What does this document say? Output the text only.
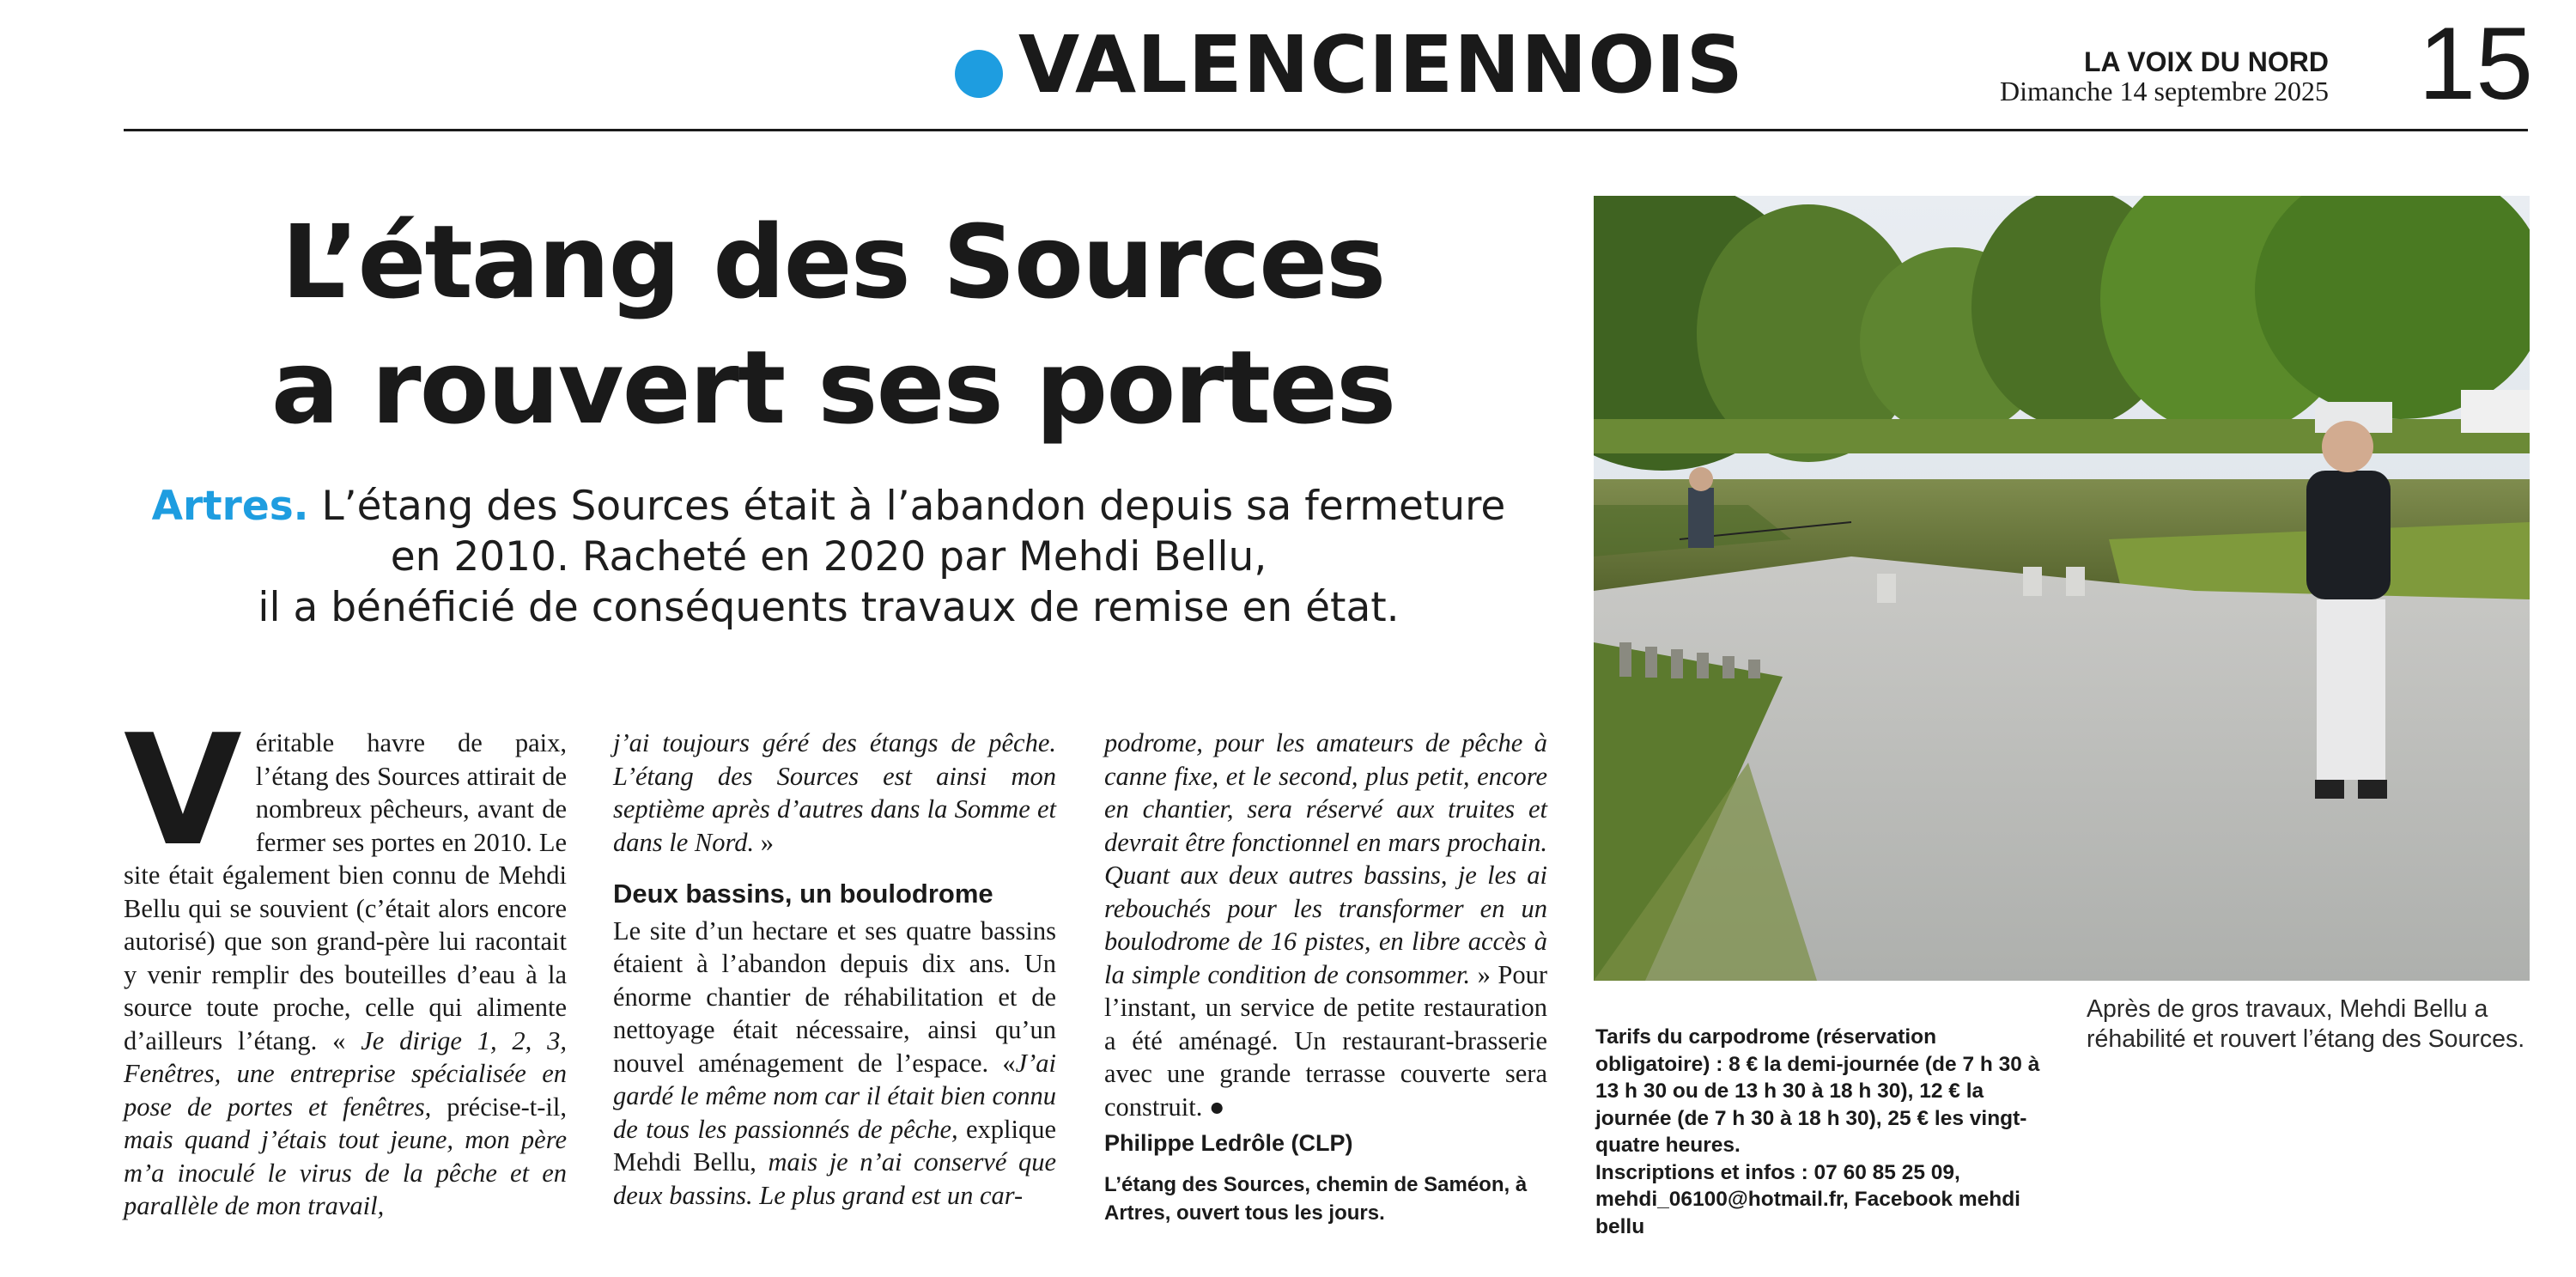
VALENCIENNOIS	LA VOIX DU NORD
Dimanche 14 septembre 2025 15
L’étang des Sources
a rouvert ses portes
Artres. L’étang des Sources était à l’abandon depuis sa fermeture
en 2010. Racheté en 2020 par Mehdi Bellu,
il a bénéficié de conséquents travaux de remise en état.
V éritable havre de paix, l’étang des Sources attirait de nombreux pêcheurs, avant de fermer ses portes en 2010. Le site était également bien connu de Mehdi Bellu qui se souvient (c’était alors encore autorisé) que son grand-père lui racontait y venir remplir des bouteilles d’eau à la source toute proche, celle qui alimente d’ailleurs l’étang. « Je dirige 1, 2, 3, Fenêtres, une entreprise spécialisée en pose de portes et fenêtres, précise-t-il, mais quand j’étais tout jeune, mon père m’a inoculé le virus de la pêche et en parallèle de mon travail,

j’ai toujours géré des étangs de pêche. L’étang des Sources est ainsi mon septième après d’autres dans la Somme et dans le Nord. »

Deux bassins, un boulodrome

Le site d’un hectare et ses quatre bassins étaient à l’abandon depuis dix ans. Un énorme chantier de réhabilitation et de nettoyage était nécessaire, ainsi qu’un nouvel aménagement de l’espace. «J’ai gardé le même nom car il était bien connu de tous les passionnés de pêche, explique Mehdi Bellu, mais je n’ai conservé que deux bassins. Le plus grand est un car-

podrome, pour les amateurs de pêche à canne fixe, et le second, plus petit, encore en chantier, sera réservé aux truites et devrait être fonctionnel en mars prochain. Quant aux deux autres bassins, je les ai rebouchés pour les transformer en un boulodrome de 16 pistes, en libre accès à la simple condition de consommer. » Pour l’instant, un service de petite restauration a été aménagé. Un restaurant-brasserie avec une grande terrasse couverte sera construit. ●

Philippe Ledrôle (CLP)
L’étang des Sources, chemin de Saméon, à Artres, ouvert tous les jours.
Tarifs du carpodrome (réservation obligatoire) : 8 € la demi-journée (de 7 h 30 à 13 h 30 ou de 13 h 30 à 18 h 30), 12 € la journée (de 7 h 30 à 18 h 30), 25 € les vingt-quatre heures.
Inscriptions et infos : 07 60 85 25 09, mehdi_06100@hotmail.fr, Facebook mehdi bellu
Après de gros travaux, Mehdi Bellu a réhabilité et rouvert l’étang des Sources.
